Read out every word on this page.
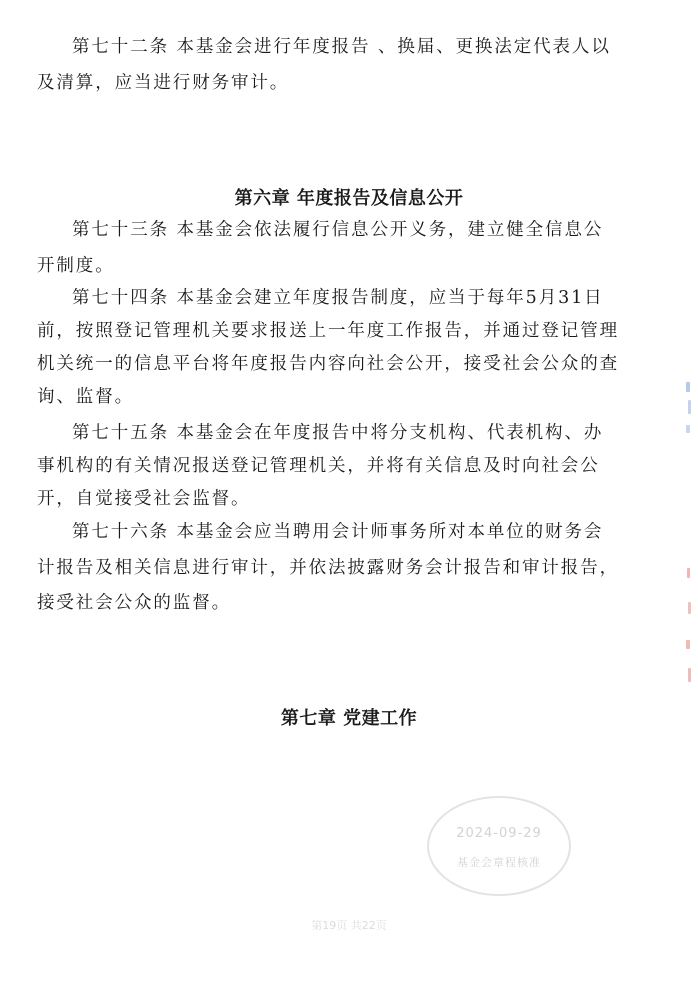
第七十二条 本基金会进行年度报告 、换届、更换法定代表人以
及清算，应当进行财务审计。
第六章 年度报告及信息公开
第七十三条 本基金会依法履行信息公开义务，建立健全信息公
开制度。
第七十四条 本基金会建立年度报告制度，应当于每年5月31日
前，按照登记管理机关要求报送上一年度工作报告，并通过登记管理
机关统一的信息平台将年度报告内容向社会公开，接受社会公众的查
询、监督。
第七十五条 本基金会在年度报告中将分支机构、代表机构、办
事机构的有关情况报送登记管理机关，并将有关信息及时向社会公
开，自觉接受社会监督。
第七十六条 本基金会应当聘用会计师事务所对本单位的财务会
计报告及相关信息进行审计，并依法披露财务会计报告和审计报告，
接受社会公众的监督。
第七章 党建工作
2024-09-29
基金会章程核准
第19页 共22页
